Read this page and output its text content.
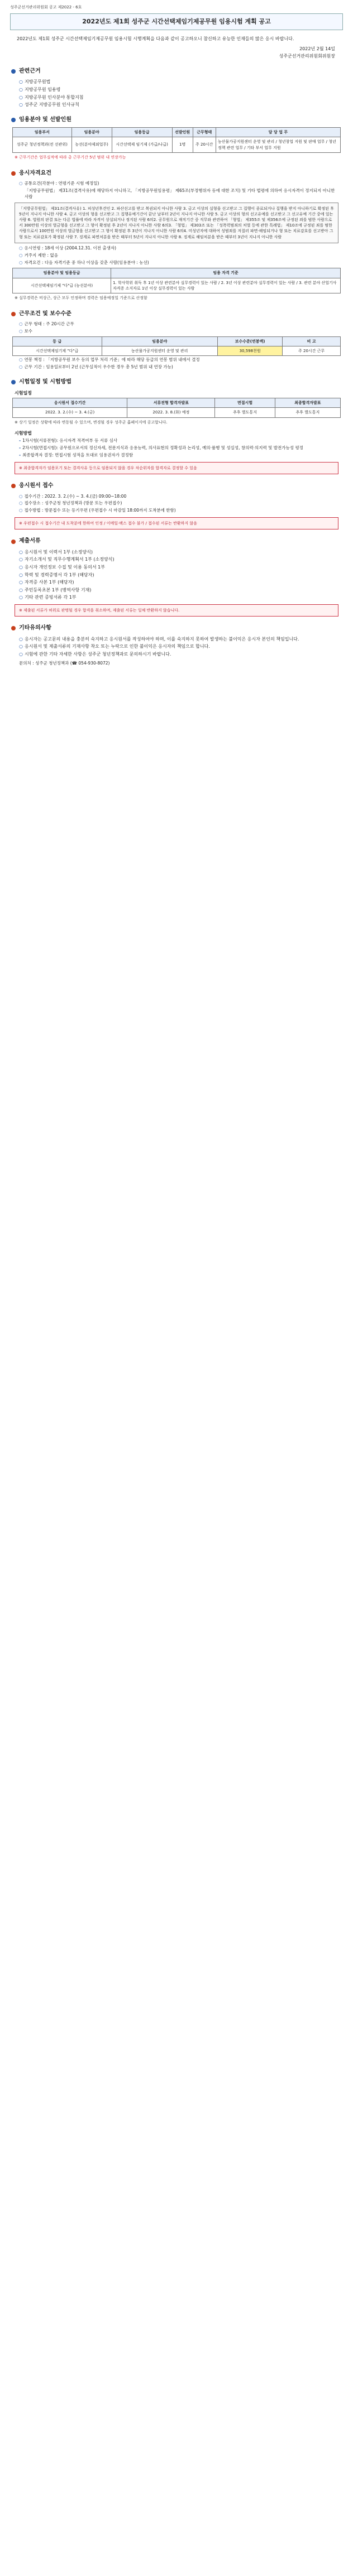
성주군선거관리위원회 공고 제2022 - 6호
2022년도 제1회 성주군 시간선택제임기제공무원 임용시험 계획 공고
2022년도 제1회 성주군 시간선택제임기제공무원 임용시험 시행계획을 다음과 같이 공고하오니 참신하고 유능한 인재들의 많은 응시 바랍니다.
2022년 2월 14일
성주군선거관리위원회위원장
관련근거
○ 지방공무원법
○ 지방공무원 임용령
○ 지방공무원 인사분야 통합지침
○ 성주군 지방공무원 인사규칙
임용분야 및 선발인원
임용부서	임용분야	임용등급	선발인원	근무형태	담 당 업 무
성주군 청년정책과(전 선관위)	농선(분야제외업무)	시간선택제 임기제 (가급/나급)	1명	주 20시간	농산물가공지원센터 운영 및 관리 / 청년창업 지원 및 판매 업무 / 청년정책 관련 업무 / 기타 부서 업무 지원
※ 근무기간은 업무실적에 따라 총 근무기간 5년 범위 내 연장가능
응시자격요건
○ 공통요건(각분야 : 연령기준 시험 예정일)
「지방공무원법」 제31조(결격사유)에 해당하지 아니하고, 「지방공무원임용령」 제65조(부정행위자 등에 대한 조치) 및 기타 법령에 의하여 응시자격이 정지되지 아니한 사람
「지방공무원법」 제31조(결격사유) 1. 피성년후견인 2. 파산선고를 받고 복권되지 아니한 사람 3. 금고 이상의 실형을 선고받고 그 집행이 종료되거나 집행을 받지 아니하기로 확정된 후 5년이 지나지 아니한 사람 4. 금고 이상의 형을 선고받고 그 집행유예기간이 끝난 날부터 2년이 지나지 아니한 사람 5. 금고 이상의 형의 선고유예를 선고받고 그 선고유예 기간 중에 있는 사람 6. 법원의 판결 또는 다른 법률에 따라 자격이 상실되거나 정지된 사람 6의2. 공무원으로 재직기간 중 직무와 관련하여 「형법」 제355조 및 제356조에 규정된 죄를 범한 사람으로서 300만원 이상의 벌금형을 선고받고 그 형이 확정된 후 2년이 지나지 아니한 사람 6의3. 「형법」 제303조 또는 「성폭력범죄의 처벌 등에 관한 특례법」 제10조에 규정된 죄를 범한 사람으로서 100만원 이상의 벌금형을 선고받고 그 형이 확정된 후 3년이 지나지 아니한 사람 6의4. 미성년자에 대하여 성범죄를 저질러 파면·해임되거나 형 또는 치료감호를 선고받아 그 형 또는 치료감호가 확정된 사람 7. 징계로 파면처분을 받은 때부터 5년이 지나지 아니한 사람 8. 징계로 해임처분을 받은 때부터 3년이 지나지 아니한 사람
○ 응시연령 : 18세 이상 (2004.12.31. 이전 출생자)
○ 거주지 제한 : 없음
○ 자격요건 : 다음 자격기준 중 하나 이상을 갖춘 사람(임용분야 : 농선)
임용분야 및 임용등급	임용 자격 기준
시간선택제임기제 "다"급 (농선분야)	1. 학사학위 취득 후 1년 이상 관련분야 실무경력이 있는 사람 / 2. 3년 이상 관련분야 실무경력이 있는 사람 / 3. 관련 분야 산업기사 자격증 소지자로 1년 이상 실무경력이 있는 사람
※ 실무경력은 비상근, 상근 모두 인정하며 경력은 임용예정일 기준으로 산정함
근무조건 및 보수수준
○ 근무 형태 : 주 20시간 근무
○ 보수
등 급	임용분야	보수수준(연봉액)	비 고
시간선택제임기제 "다"급	농산물가공지원센터 운영 및 관리	30,598천원	주 20시간 근무
○ 연봉 책정 : 「지방공무원 보수 등의 업무 처리 기준」에 따라 해당 등급의 연봉 범위 내에서 결정
○ 근무 기간 : 임용일로부터 2년 (근무실적이 우수한 경우 총 5년 범위 내 연장 가능)
시험일정 및 시험방법
시험일정
응시원서 접수기간	서류전형 합격자발표	면접시험	최종합격자발표
2022. 3. 2.(수) ~ 3. 4.(금)	2022. 3. 8.(화) 예정	추후 별도통지	추후 별도통지
※ 상기 일정은 상황에 따라 변동될 수 있으며, 변경될 경우 성주군 홈페이지에 공고합니다.
시험방법
- 1차시험(서류전형): 응시자격 적격여부 등 서류 심사
- 2차시험(면접시험): 공무원으로서의 정신자세, 전문지식과 응용능력, 의사표현의 정확성과 논리성, 예의·품행 및 성실성, 창의력·의지력 및 발전가능성 평정
- 최종합격자 결정: 면접시험 성적을 토대로 임용권자가 결정함
※ 최종합격자가 임용포기 또는 결격사유 등으로 임용되지 않을 경우 차순위자를 합격자로 결정할 수 있음
응시원서 접수
○ 접수기간 : 2022. 3. 2.(수) ~ 3. 4.(금) 09:00~18:00
○ 접수장소 : 성주군청 청년정책과 (방문 또는 우편접수)
○ 접수방법 : 방문접수 또는 등기우편 (우편접수 시 마감일 18:00까지 도착분에 한함)
※ 우편접수 시 접수기간 내 도착분에 한하여 인정 / 이메일·팩스 접수 불가 / 접수된 서류는 반환하지 않음
제출서류
○ 응시원서 및 이력서 1부 (소정양식)
○ 자기소개서 및 직무수행계획서 1부 (소정양식)
○ 응시자 개인정보 수집 및 이용 동의서 1부
○ 학력 및 경력증명서 각 1부 (해당자)
○ 자격증 사본 1부 (해당자)
○ 주민등록초본 1부 (병역사항 기재)
○ 기타 관련 증빙서류 각 1부
※ 제출된 서류가 허위로 판명될 경우 합격을 취소하며, 제출된 서류는 일체 반환하지 않습니다.
기타유의사항
○ 응시자는 공고문의 내용을 충분히 숙지하고 응시원서를 작성하여야 하며, 이를 숙지하지 못하여 발생하는 불이익은 응시자 본인의 책임입니다.
○ 응시원서 및 제출서류의 기재사항 착오 또는 누락으로 인한 불이익은 응시자의 책임으로 합니다.
○ 시험에 관한 기타 자세한 사항은 성주군 청년정책과로 문의하시기 바랍니다.
문의처 : 성주군 청년정책과 (☎ 054-930-8072)
